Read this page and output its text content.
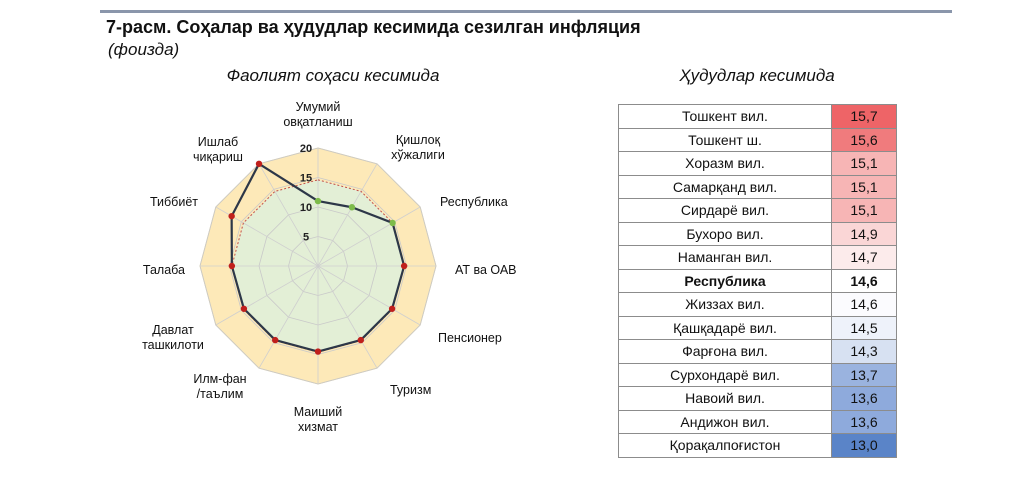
7-расм. Соҳалар ва ҳудудлар кесимида сезилган инфляция
(фоизда)
Фаолият соҳаси кесимида	Ҳудудлар кесимида
5
10
15
20
Умумий овқатланиш
Қишлоқ хўжалиги
Республика
АТ ва ОАВ
Пенсионер
Туризм
Маиший хизмат
Илм-фан /таълим
Давлат ташкилоти
Талаба
Тиббиёт
Ишлаб чиқариш
Тошкент вил.	15,7
Тошкент ш.	15,6
Хоразм вил.	15,1
Самарқанд вил.	15,1
Сирдарё вил.	15,1
Бухоро вил.	14,9
Наманган вил.	14,7
Республика	14,6
Жиззах вил.	14,6
Қашқадарё вил.	14,5
Фарғона вил.	14,3
Сурхондарё вил.	13,7
Навоий вил.	13,6
Андижон вил.	13,6
Қорақалпоғистон	13,0
